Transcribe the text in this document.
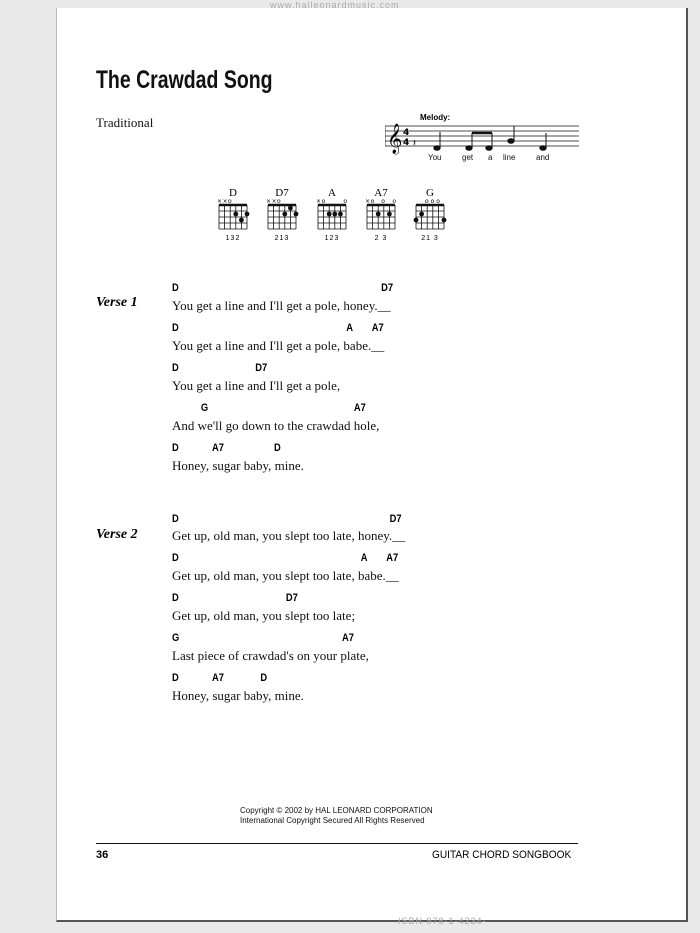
www.halleonardmusic.com
The Crawdad Song
Traditional	Melody:
𝄞 4
4 𝄽
You	get a line	and
D
× × o
132
D7
× × o
213
A
× o	o
123
A7
× o o o
2 3
G
o o o
21 3
Verse 1
D	D7
You get a line and I'll get a pole, honey.__
D	A A7
You get a line and I'll get a pole, babe.__
D	D7
You get a line and I'll get a pole,
G	A7
And we'll go down to the crawdad hole,
D	A7	D
Honey, sugar baby, mine.
Verse 2
D	D7
Get up, old man, you slept too late, honey.__
D	A A7
Get up, old man, you slept too late, babe.__
D	D7
Get up, old man, you slept too late;
G	A7
Last piece of crawdad's on your plate,
D	A7	D
Honey, sugar baby, mine.
Copyright © 2002 by HAL LEONARD CORPORATION
International Copyright Secured All Rights Reserved
36	GUITAR CHORD SONGBOOK
ISBN 978-1-4234-
